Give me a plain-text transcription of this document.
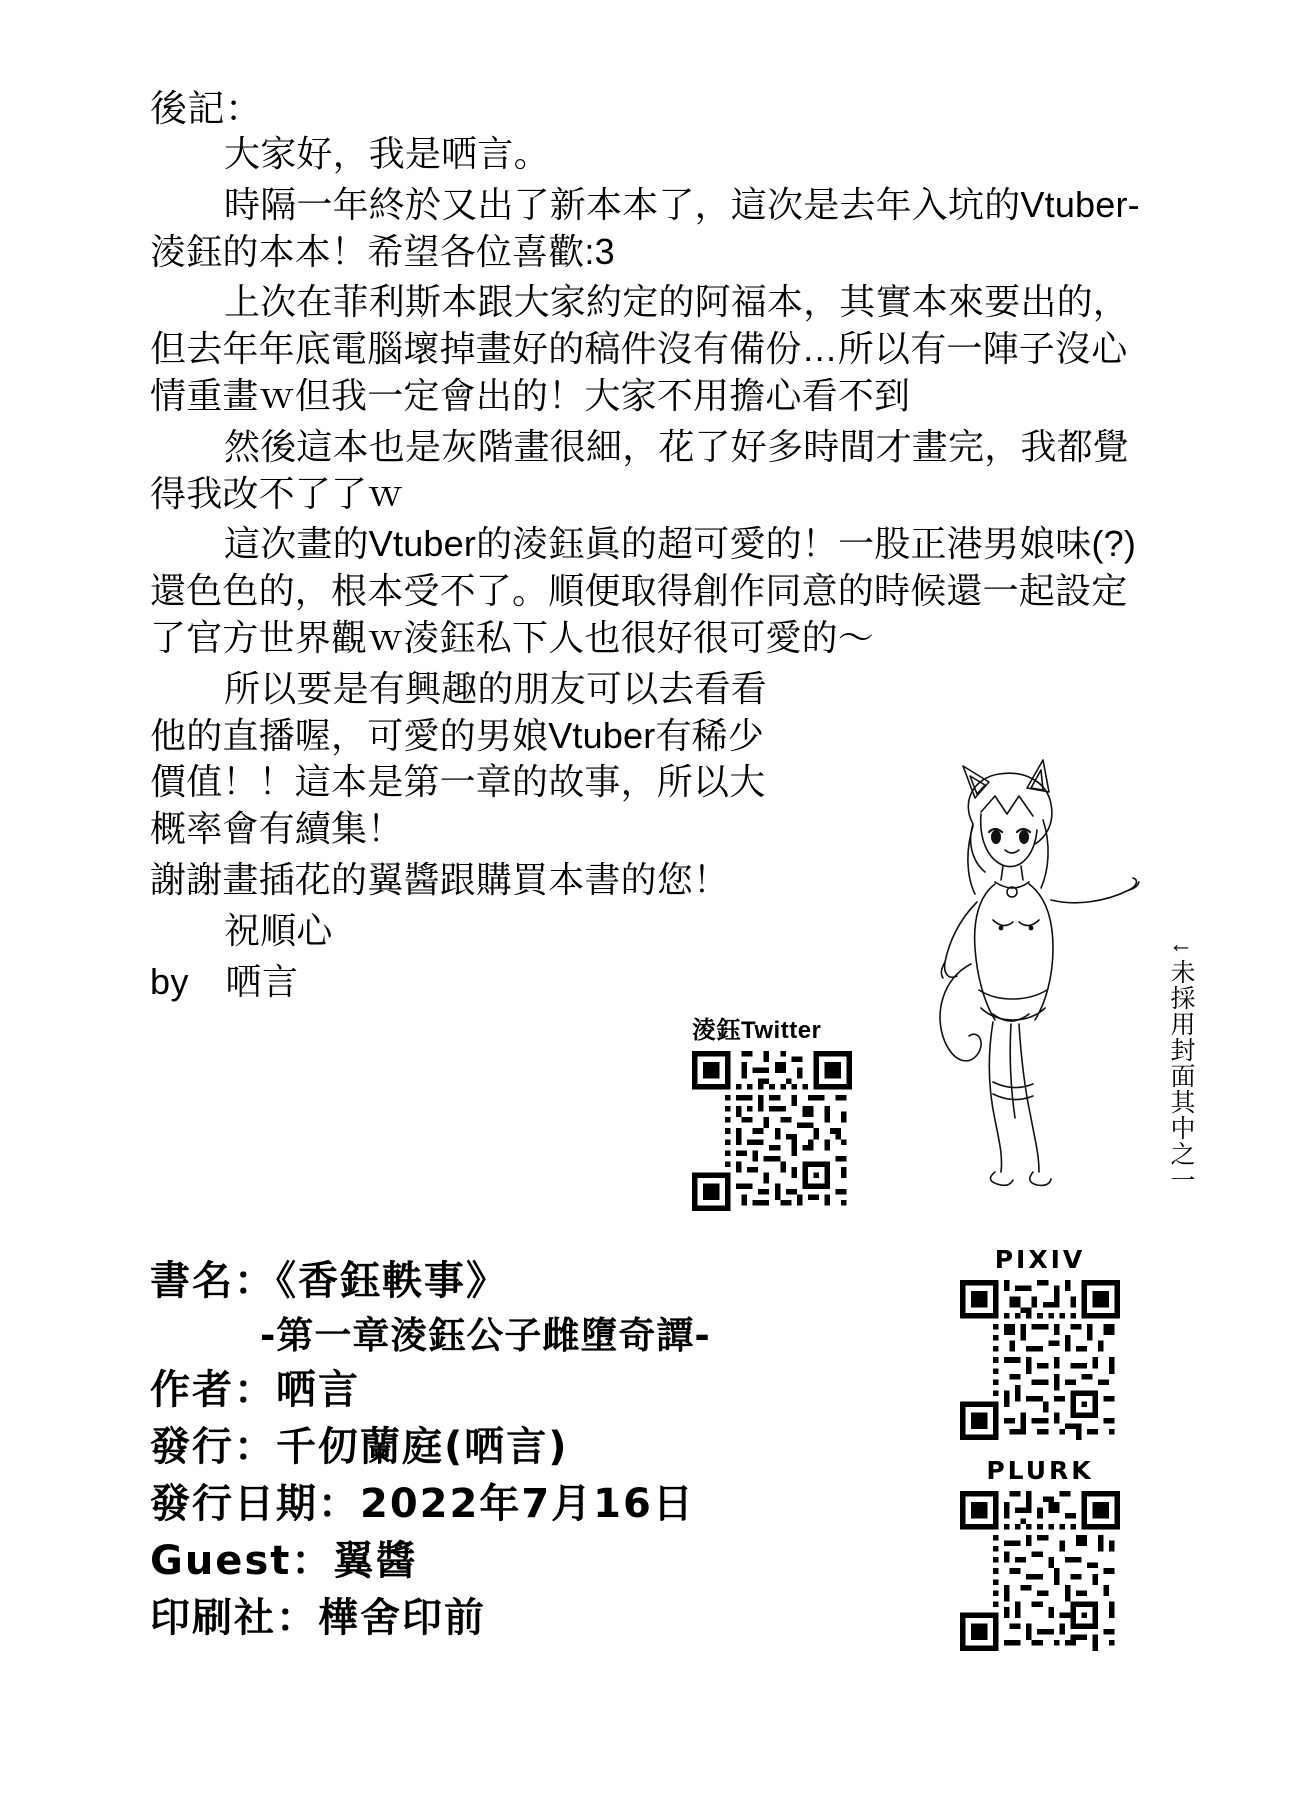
後記：
大家好，我是哂言。
時隔一年終於又出了新本本了，這次是去年入坑的Vtuber-淩鈺的本本！希望各位喜歡:3
上次在菲利斯本跟大家約定的阿福本，其實本來要出的，但去年年底電腦壞掉畫好的稿件沒有備份…所以有一陣子沒心情重畫ｗ但我一定會出的！大家不用擔心看不到
然後這本也是灰階畫很細，花了好多時間才畫完，我都覺得我改不了了ｗ
這次畫的Vtuber的淩鈺眞的超可愛的！一股正港男娘味(?)還色色的，根本受不了。順便取得創作同意的時候還一起設定了官方世界觀ｗ淩鈺私下人也很好很可愛的〜
所以要是有興趣的朋友可以去看看他的直播喔，可愛的男娘Vtuber有稀少價值！！這本是第一章的故事，所以大概率會有續集！
謝謝畫插花的翼醬跟購買本書的您！
祝順心
by　哂言
淩鈺Twitter	←未採用封面其中之一
書名：《香鈺軼事》
-第一章淩鈺公子雌墮奇譚-
作者：哂言
發行：千仞蘭庭(哂言)
發行日期：2022年7月16日
Guest：翼醬
印刷社：樺舍印前
PIXIV
PLURK
